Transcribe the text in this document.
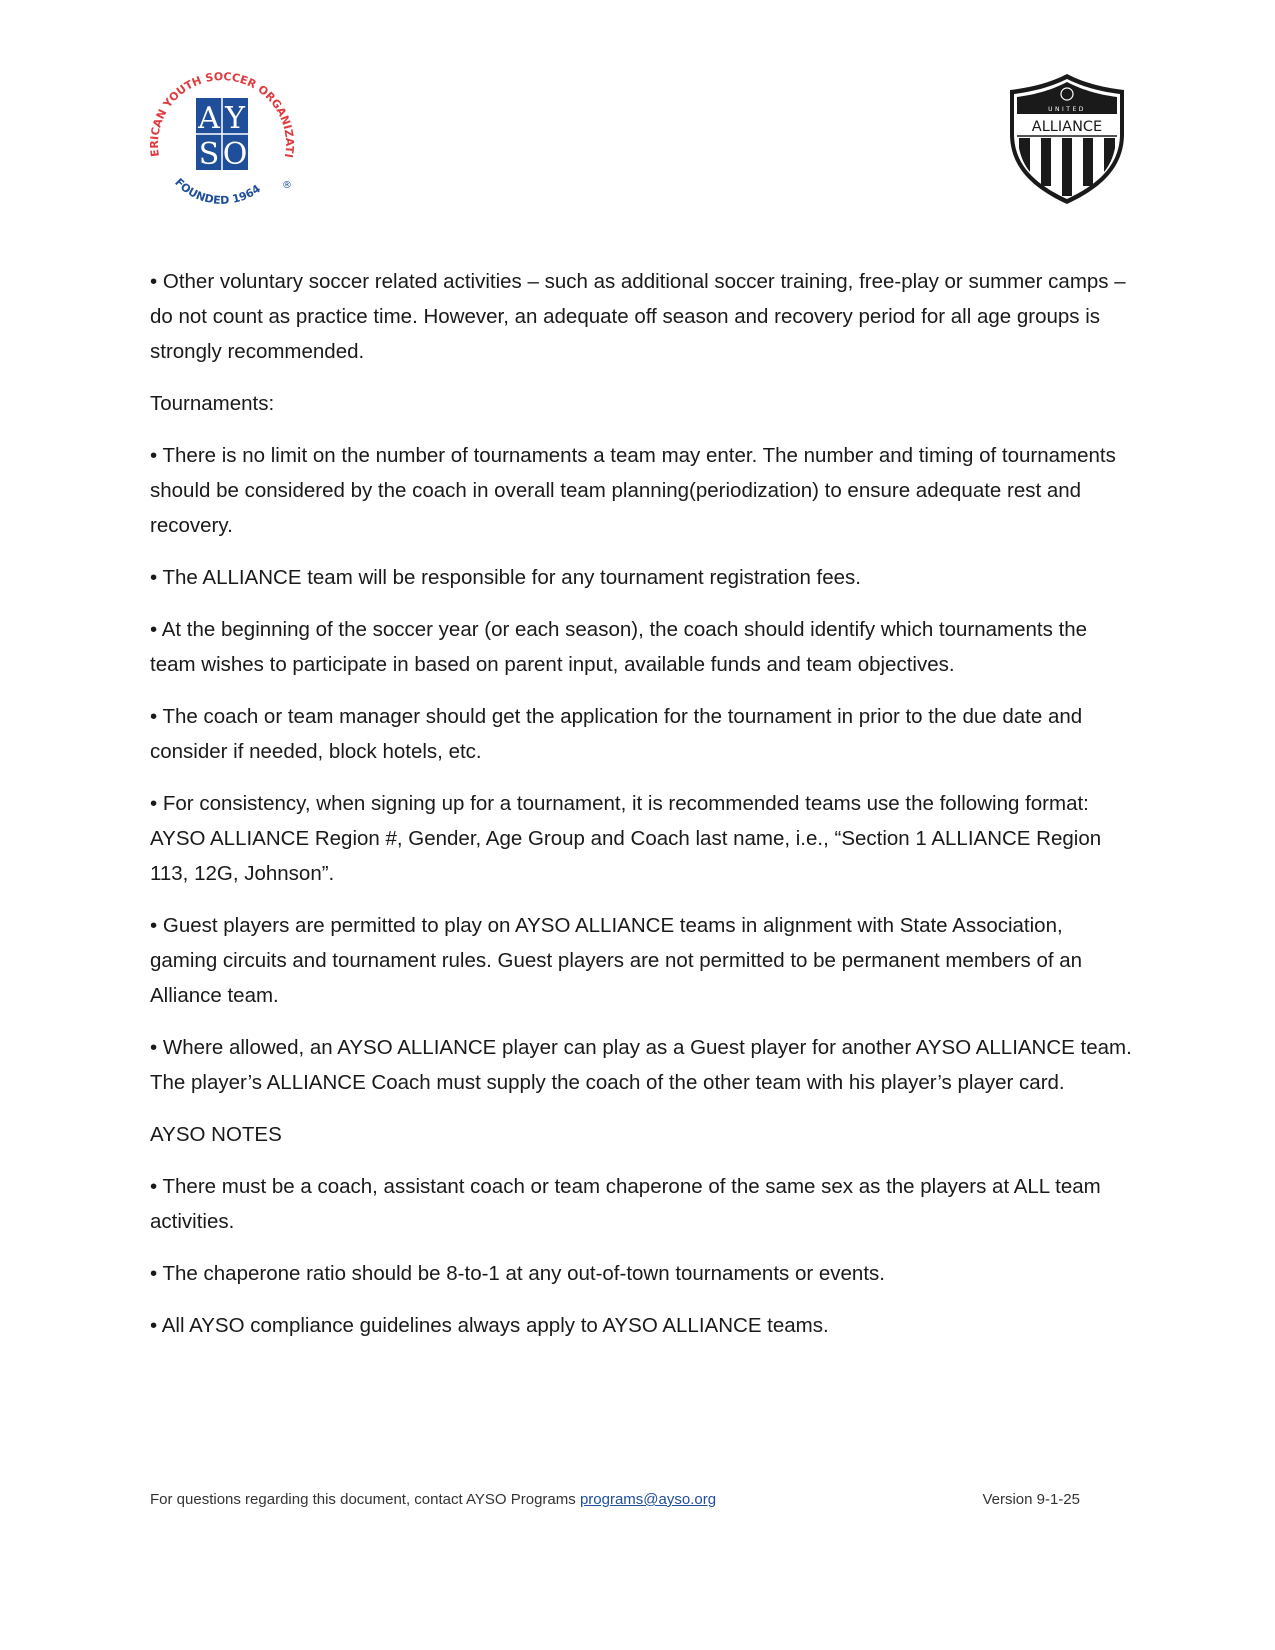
ERICAN YOUTH SOCCER ORGANIZATI
FOUNDED 1964 ®
A Y
S O
UNITED
ALLIANCE

• Other voluntary soccer related activities – such as additional soccer training, free-play or summer camps – do not count as practice time. However, an adequate off season and recovery period for all age groups is strongly recommended.

Tournaments:

• There is no limit on the number of tournaments a team may enter. The number and timing of tournaments should be considered by the coach in overall team planning(periodization) to ensure adequate rest and recovery.

• The ALLIANCE team will be responsible for any tournament registration fees.

• At the beginning of the soccer year (or each season), the coach should identify which tournaments the team wishes to participate in based on parent input, available funds and team objectives.

• The coach or team manager should get the application for the tournament in prior to the due date and consider if needed, block hotels, etc.

• For consistency, when signing up for a tournament, it is recommended teams use the following format: AYSO ALLIANCE Region #, Gender, Age Group and Coach last name, i.e., “Section 1 ALLIANCE Region 113, 12G, Johnson”.

• Guest players are permitted to play on AYSO ALLIANCE teams in alignment with State Association, gaming circuits and tournament rules. Guest players are not permitted to be permanent members of an Alliance team.

• Where allowed, an AYSO ALLIANCE player can play as a Guest player for another AYSO ALLIANCE team. The player’s ALLIANCE Coach must supply the coach of the other team with his player’s player card.

AYSO NOTES

• There must be a coach, assistant coach or team chaperone of the same sex as the players at ALL team activities.

• The chaperone ratio should be 8-to-1 at any out-of-town tournaments or events.

• All AYSO compliance guidelines always apply to AYSO ALLIANCE teams.

For questions regarding this document, contact AYSO Programs programs@ayso.org	Version 9-1-25
